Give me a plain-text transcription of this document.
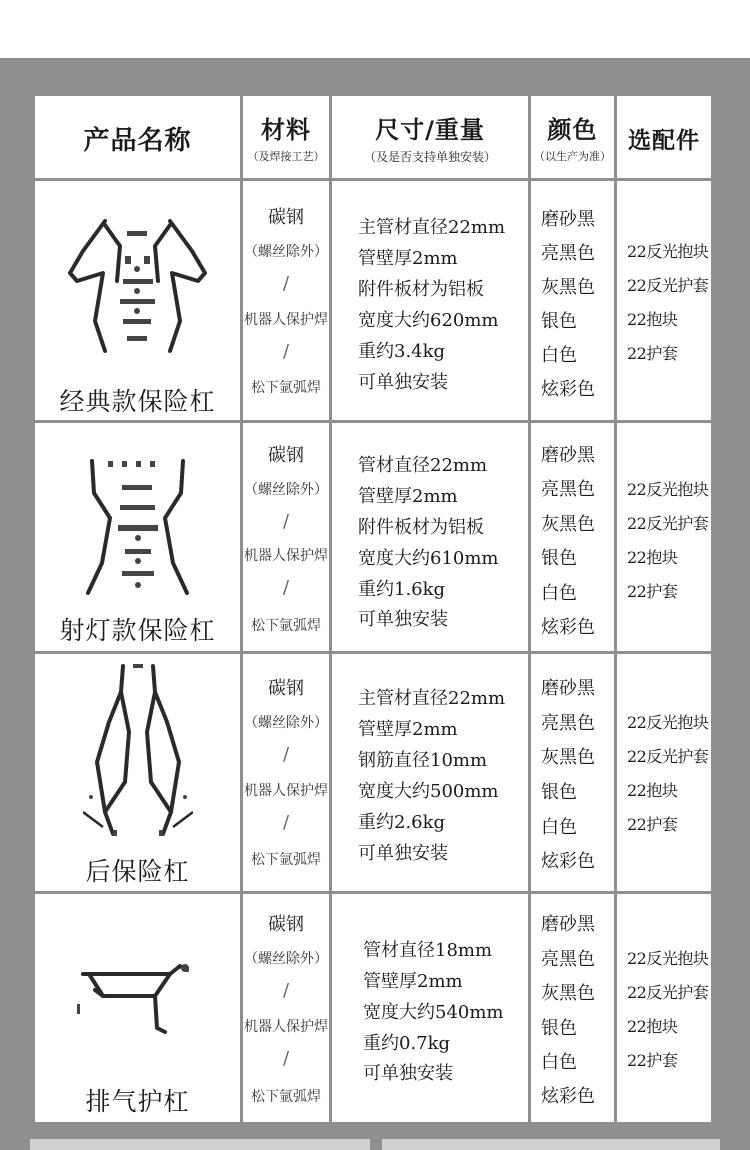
产品名称	材料
（及焊接工艺）
尺寸/重量
（及是否支持单独安装）
颜色
（以生产为准）
选配件
经典款保险杠
碳钢
（螺丝除外）
/
机器人保护焊
/
松下氩弧焊
主管材直径22mm
管壁厚2mm
附件板材为铝板
宽度大约620mm
重约3.4kg
可单独安装
磨砂黑
亮黑色
灰黑色
银色
白色
炫彩色
22反光抱块
22反光护套
22抱块
22护套
射灯款保险杠
碳钢
（螺丝除外）
/
机器人保护焊
/
松下氩弧焊
管材直径22mm
管壁厚2mm
附件板材为铝板
宽度大约610mm
重约1.6kg
可单独安装
磨砂黑
亮黑色
灰黑色
银色
白色
炫彩色
22反光抱块
22反光护套
22抱块
22护套
后保险杠
碳钢
（螺丝除外）
/
机器人保护焊
/
松下氩弧焊
主管材直径22mm
管壁厚2mm
钢筋直径10mm
宽度大约500mm
重约2.6kg
可单独安装
磨砂黑
亮黑色
灰黑色
银色
白色
炫彩色
22反光抱块
22反光护套
22抱块
22护套
排气护杠
碳钢
（螺丝除外）
/
机器人保护焊
/
松下氩弧焊
管材直径18mm
管壁厚2mm
宽度大约540mm
重约0.7kg
可单独安装
磨砂黑
亮黑色
灰黑色
银色
白色
炫彩色
22反光抱块
22反光护套
22抱块
22护套
